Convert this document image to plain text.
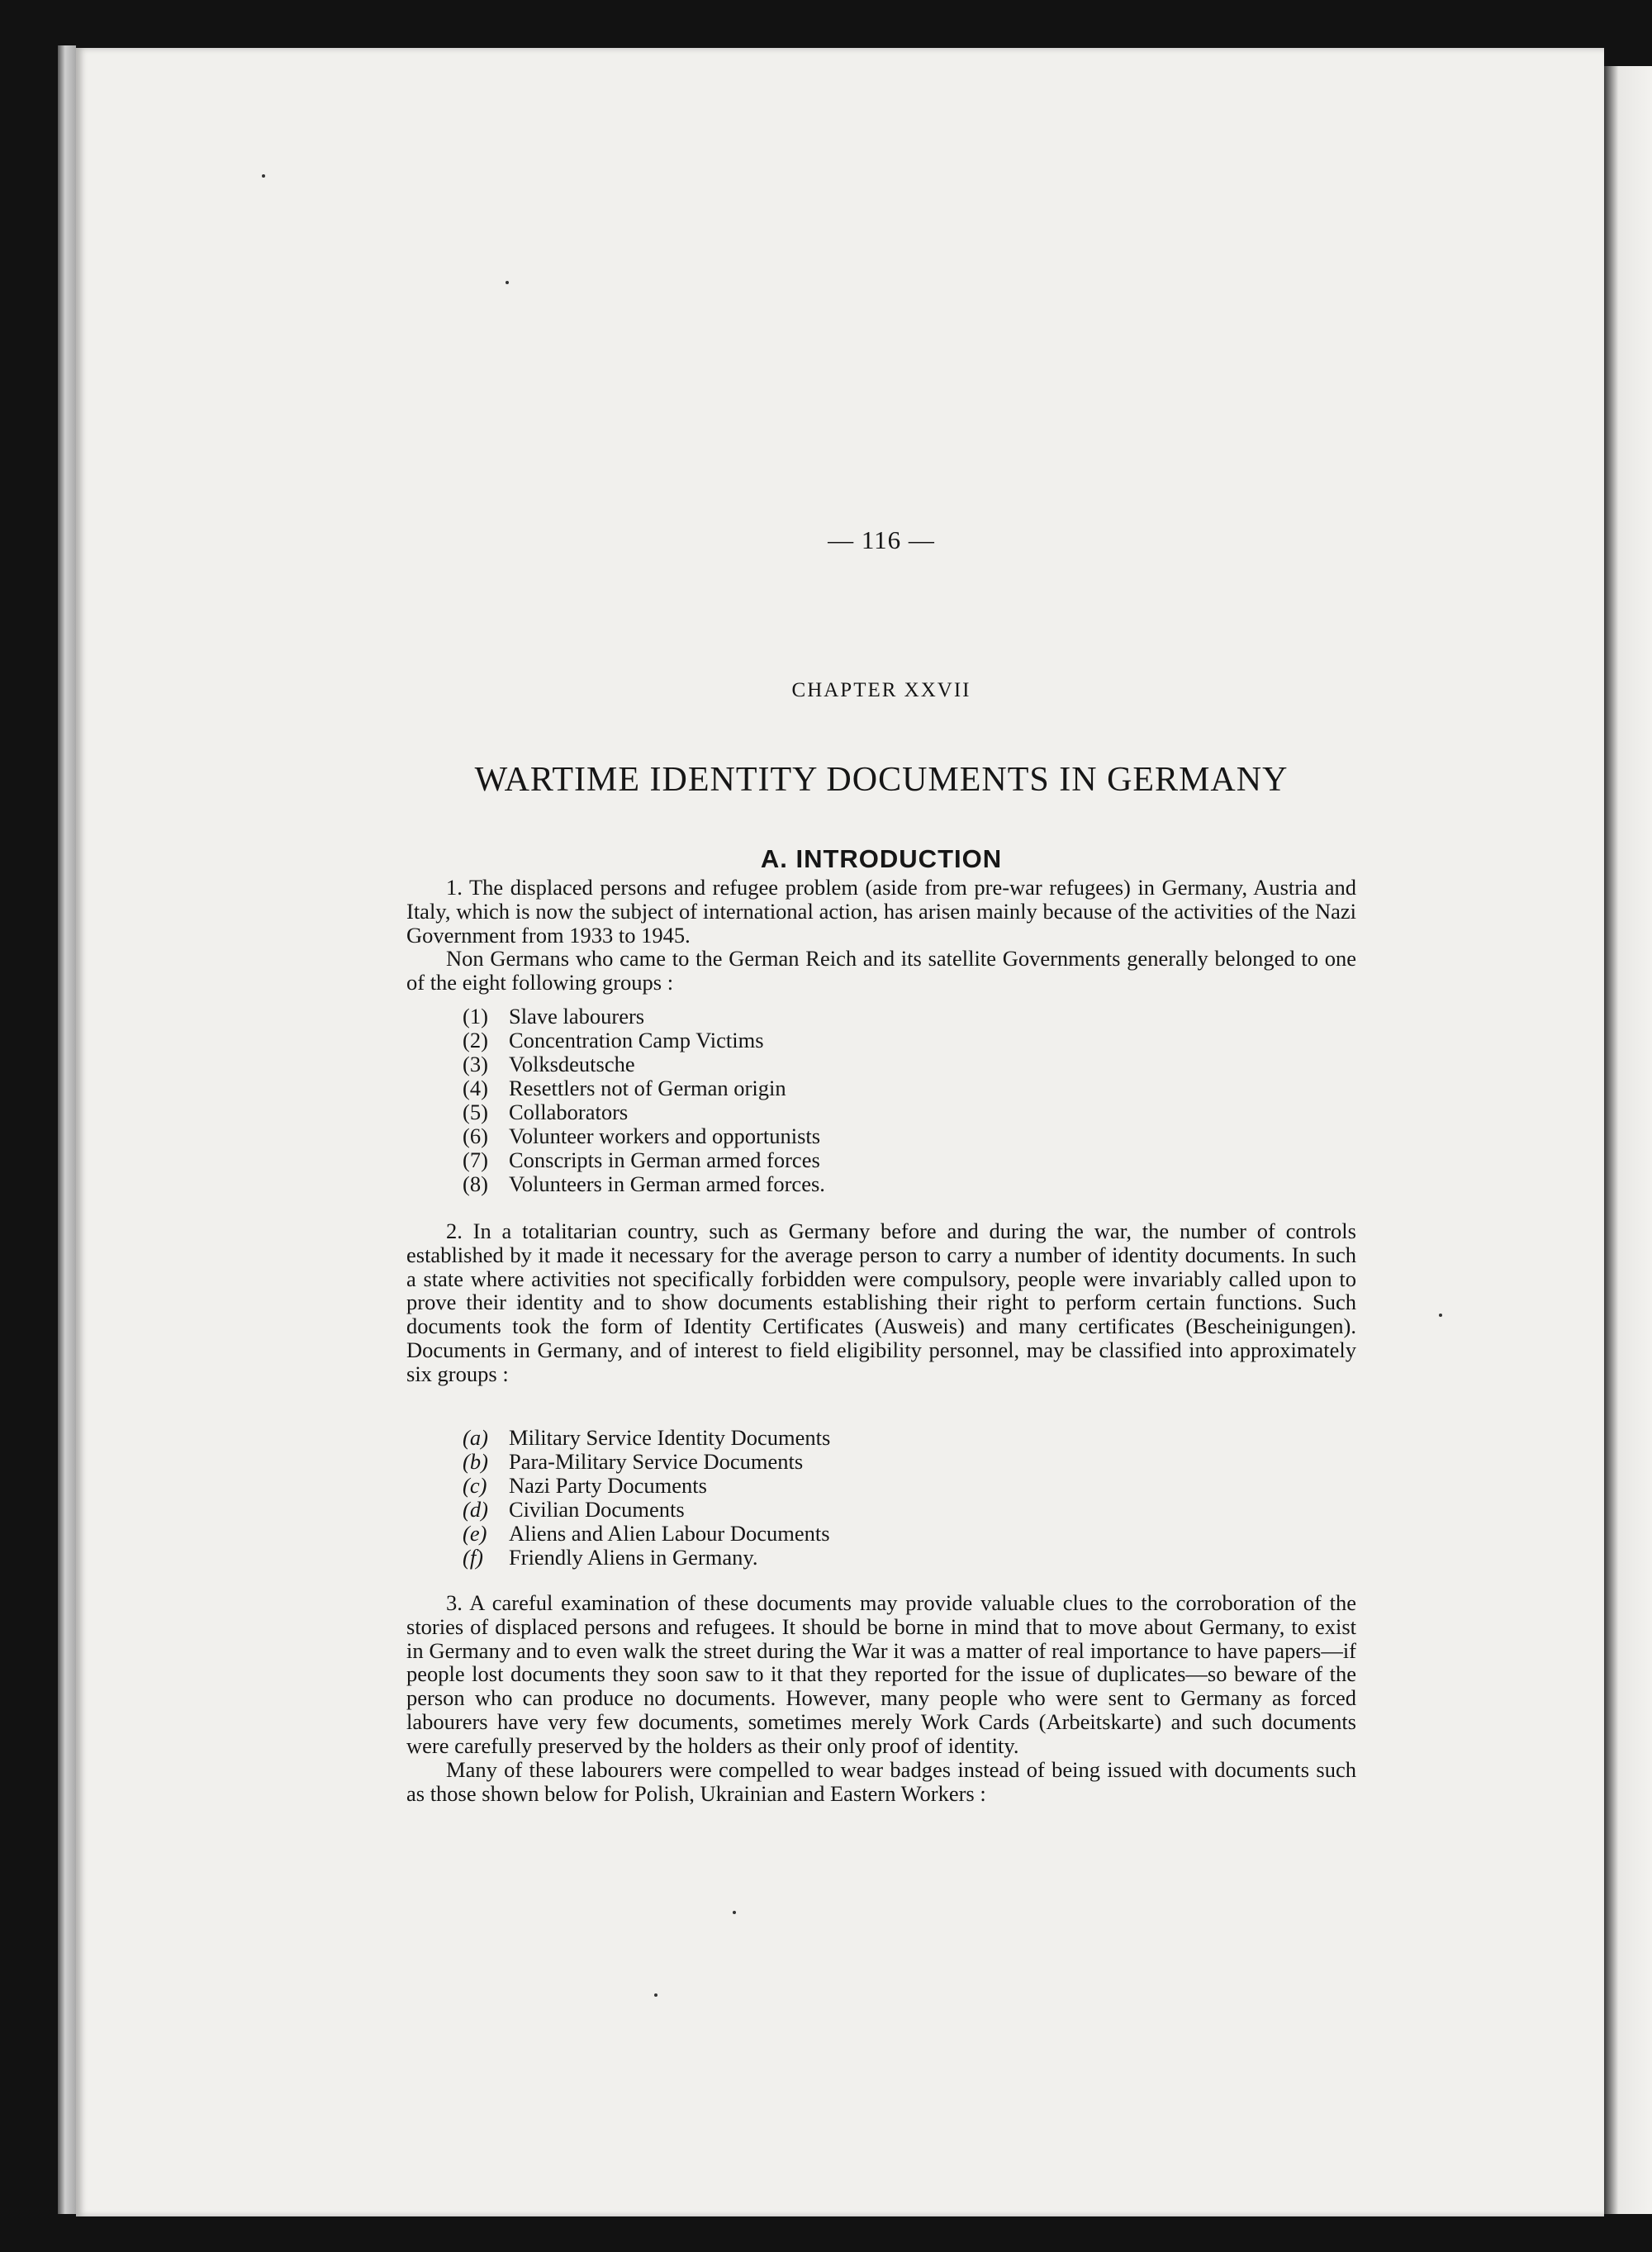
— 116 —
CHAPTER XXVII
WARTIME IDENTITY DOCUMENTS IN GERMANY
A. INTRODUCTION

1. The displaced persons and refugee problem (aside from pre-war refugees) in Germany, Austria and Italy, which is now the subject of international action, has arisen mainly because of the activities of the Nazi Government from 1933 to 1945.

Non Germans who came to the German Reich and its satellite Governments generally belonged to one of the eight following groups :

(1) Slave labourers
(2) Concentration Camp Victims
(3) Volksdeutsche
(4) Resettlers not of German origin
(5) Collaborators
(6) Volunteer workers and opportunists
(7) Conscripts in German armed forces
(8) Volunteers in German armed forces.

2. In a totalitarian country, such as Germany before and during the war, the number of controls established by it made it necessary for the average person to carry a number of identity documents. In such a state where activities not specifically forbidden were compulsory, people were invariably called upon to prove their identity and to show documents establishing their right to perform certain functions. Such documents took the form of Identity Certificates (Ausweis) and many certificates (Bescheinigungen). Documents in Germany, and of interest to field eligibility personnel, may be classified into approximately six groups :

(a) Military Service Identity Documents
(b) Para-Military Service Documents
(c)	Nazi Party Documents
(d) Civilian Documents
(e)	Aliens and Alien Labour Documents
(f)	Friendly Aliens in Germany.

3. A careful examination of these documents may provide valuable clues to the corroboration of the stories of displaced persons and refugees. It should be borne in mind that to move about Germany, to exist in Germany and to even walk the street during the War it was a matter of real importance to have papers—if people lost documents they soon saw to it that they reported for the issue of duplicates—so beware of the person who can produce no documents. However, many people who were sent to Germany as forced labourers have very few documents, sometimes merely Work Cards (Arbeitskarte) and such documents were carefully preserved by the holders as their only proof of identity.

Many of these labourers were compelled to wear badges instead of being issued with documents such as those shown below for Polish, Ukrainian and Eastern Workers :
